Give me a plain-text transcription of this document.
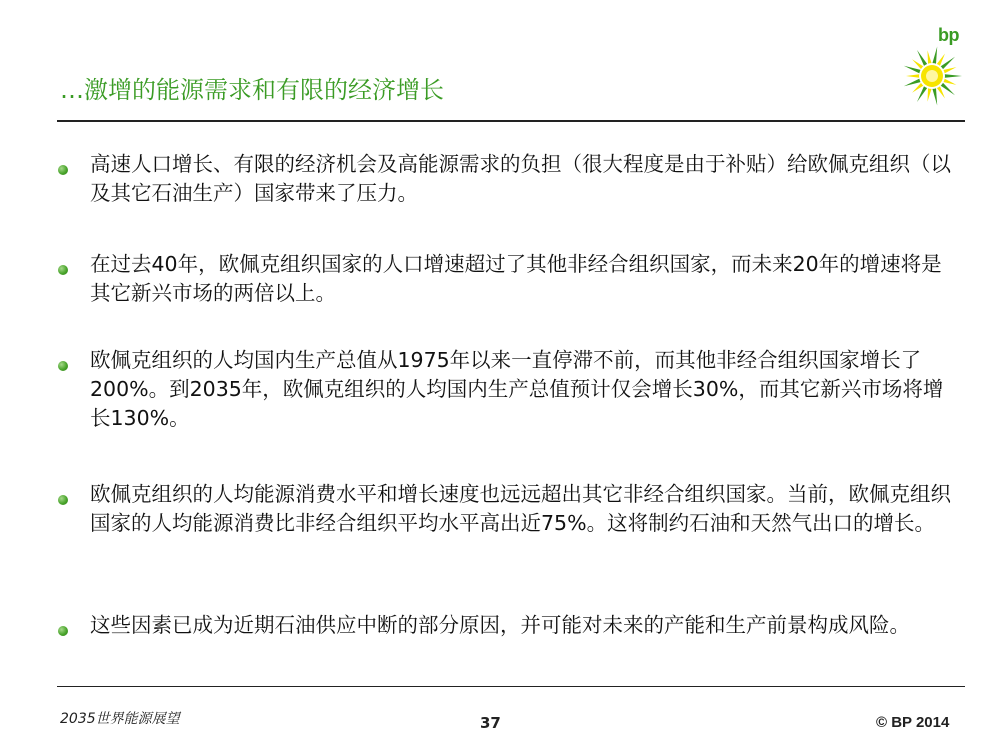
…激增的能源需求和有限的经济增长
bp
高速人口增长、有限的经济机会及高能源需求的负担（很大程度是由于补贴）给欧佩克组织（以及其它石油生产）国家带来了压力。
在过去40年，欧佩克组织国家的人口增速超过了其他非经合组织国家，而未来20年的增速将是其它新兴市场的两倍以上。
欧佩克组织的人均国内生产总值从1975年以来一直停滞不前，而其他非经合组织国家增长了200%。到2035年，欧佩克组织的人均国内生产总值预计仅会增长30%，而其它新兴市场将增长130%。
欧佩克组织的人均能源消费水平和增长速度也远远超出其它非经合组织国家。当前，欧佩克组织国家的人均能源消费比非经合组织平均水平高出近75%。这将制约石油和天然气出口的增长。
这些因素已成为近期石油供应中断的部分原因，并可能对未来的产能和生产前景构成风险。
2035世界能源展望	37	© BP 2014
